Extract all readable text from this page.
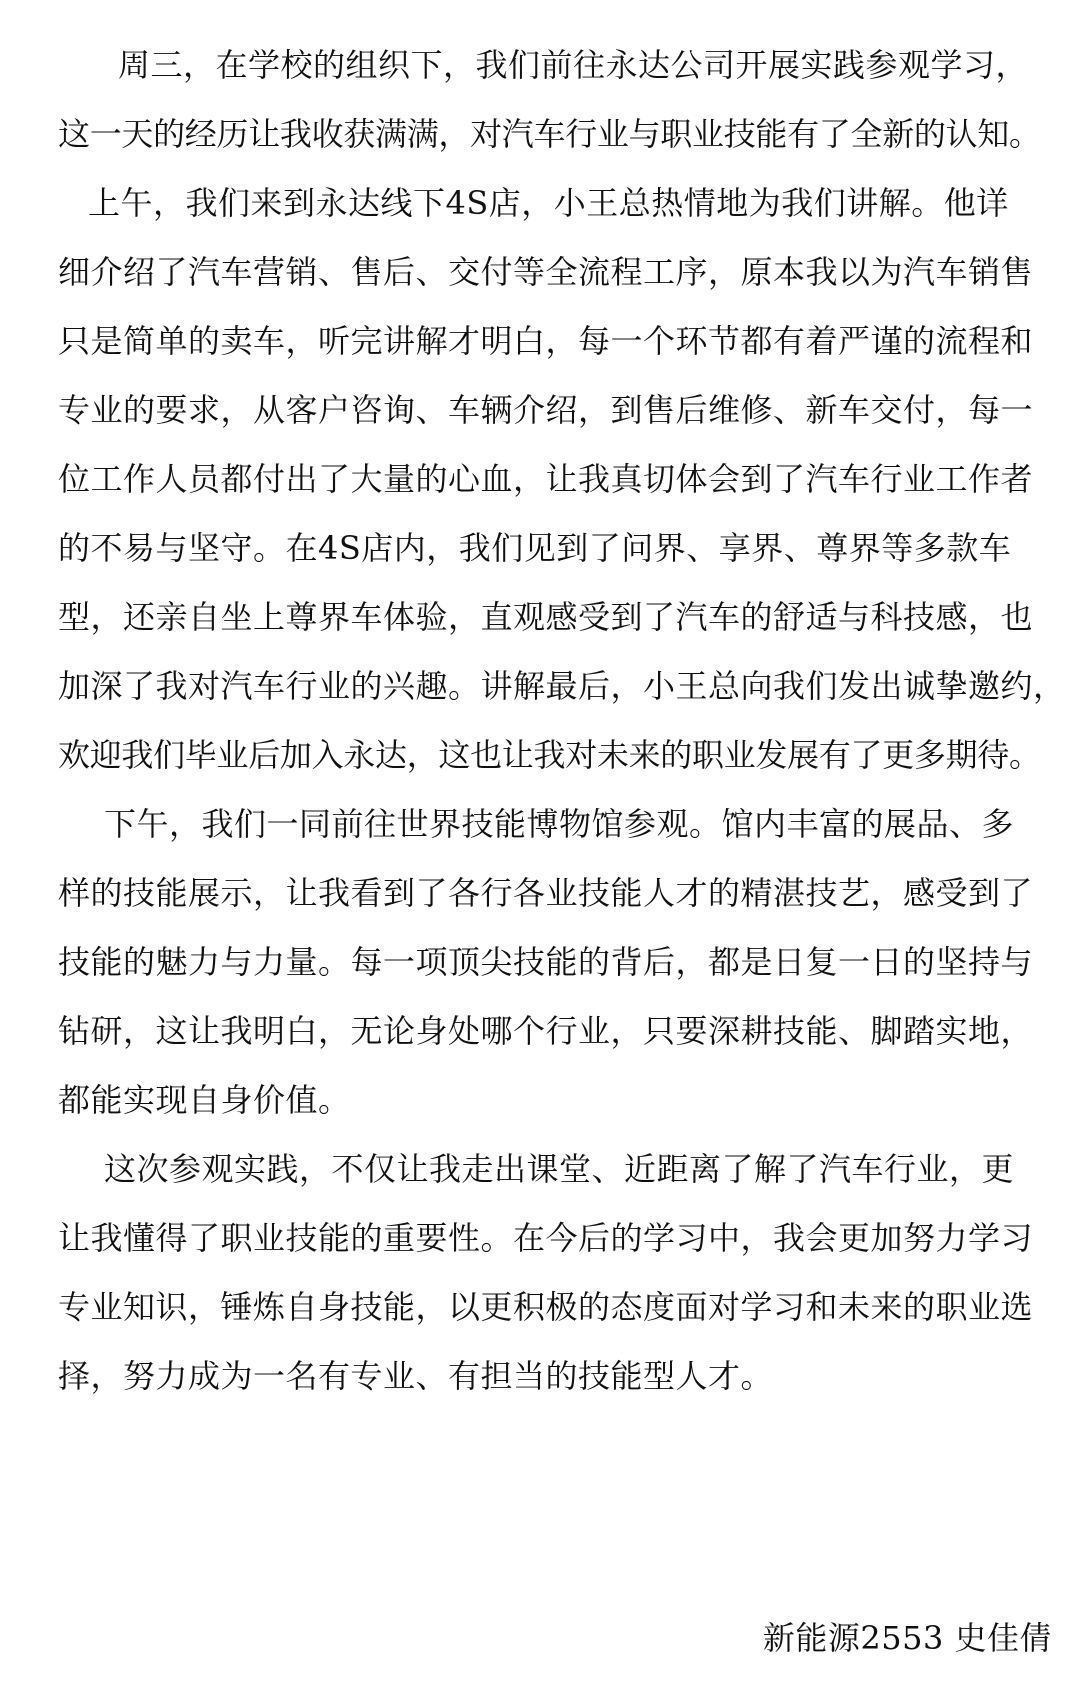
周三，在学校的组织下，我们前往永达公司开展实践参观学习，
这一天的经历让我收获满满，对汽车行业与职业技能有了全新的认知。
上午，我们来到永达线下4S店，小王总热情地为我们讲解。他详
细介绍了汽车营销、售后、交付等全流程工序，原本我以为汽车销售
只是简单的卖车，听完讲解才明白，每一个环节都有着严谨的流程和
专业的要求，从客户咨询、车辆介绍，到售后维修、新车交付，每一
位工作人员都付出了大量的心血，让我真切体会到了汽车行业工作者
的不易与坚守。在4S店内，我们见到了问界、享界、尊界等多款车
型，还亲自坐上尊界车体验，直观感受到了汽车的舒适与科技感，也
加深了我对汽车行业的兴趣。讲解最后，小王总向我们发出诚挚邀约，
欢迎我们毕业后加入永达，这也让我对未来的职业发展有了更多期待。
下午，我们一同前往世界技能博物馆参观。馆内丰富的展品、多
样的技能展示，让我看到了各行各业技能人才的精湛技艺，感受到了
技能的魅力与力量。每一项顶尖技能的背后，都是日复一日的坚持与
钻研，这让我明白，无论身处哪个行业，只要深耕技能、脚踏实地，
都能实现自身价值。
这次参观实践，不仅让我走出课堂、近距离了解了汽车行业，更
让我懂得了职业技能的重要性。在今后的学习中，我会更加努力学习
专业知识，锤炼自身技能，以更积极的态度面对学习和未来的职业选
择，努力成为一名有专业、有担当的技能型人才。
新能源2553 史佳倩
